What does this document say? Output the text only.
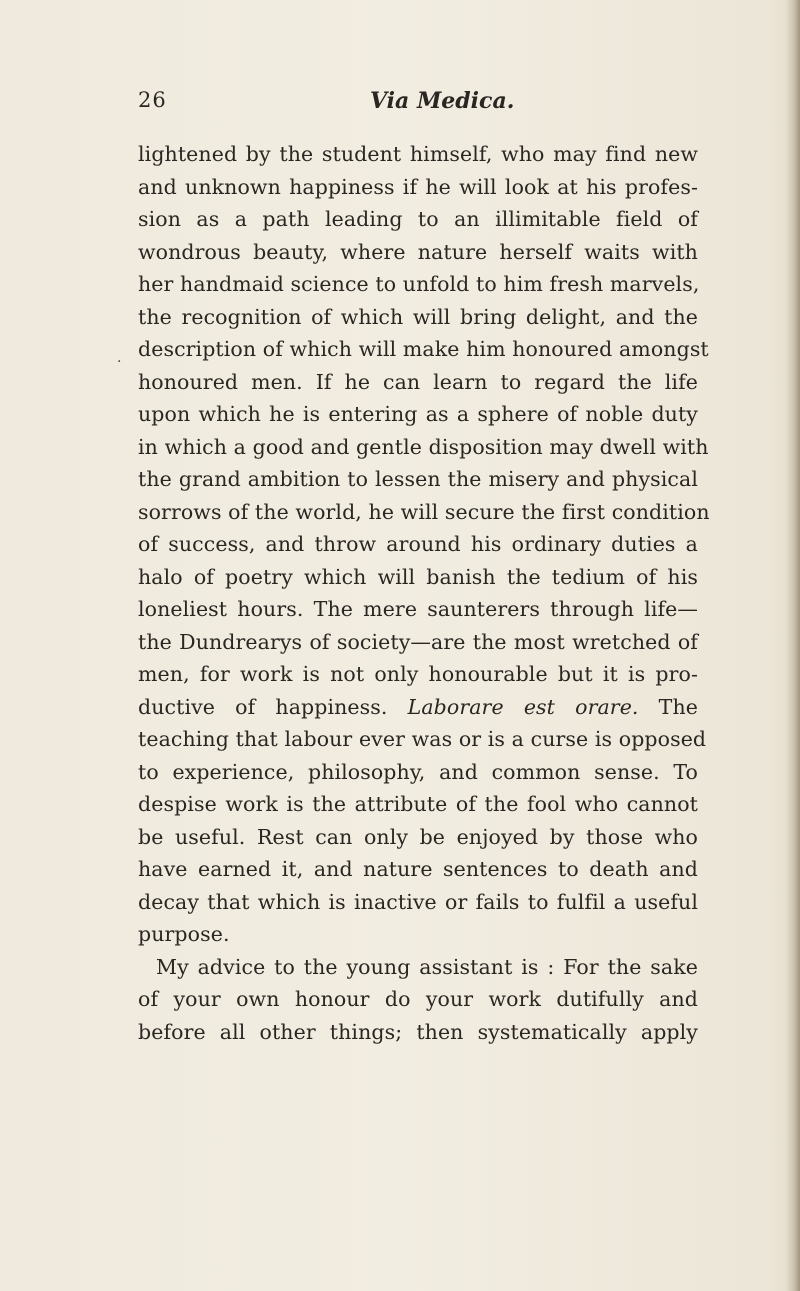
26	Via Medica.
.
lightened by the student himself, who may find new
and unknown happiness if he will look at his profes-
sion as a path leading to an illimitable field of
wondrous beauty, where nature herself waits with
her handmaid science to unfold to him fresh marvels,
the recognition of which will bring delight, and the
description of which will make him honoured amongst
honoured men. If he can learn to regard the life
upon which he is entering as a sphere of noble duty
in which a good and gentle disposition may dwell with
the grand ambition to lessen the misery and physical
sorrows of the world, he will secure the first condition
of success, and throw around his ordinary duties a
halo of poetry which will banish the tedium of his
loneliest hours. The mere saunterers through life—
the Dundrearys of society—are the most wretched of
men, for work is not only honourable but it is pro-
ductive of happiness. Laborare est orare. The
teaching that labour ever was or is a curse is opposed
to experience, philosophy, and common sense. To
despise work is the attribute of the fool who cannot
be useful. Rest can only be enjoyed by those who
have earned it, and nature sentences to death and
decay that which is inactive or fails to fulfil a useful
purpose.
My advice to the young assistant is : For the sake
of your own honour do your work dutifully and
before all other things; then systematically apply
